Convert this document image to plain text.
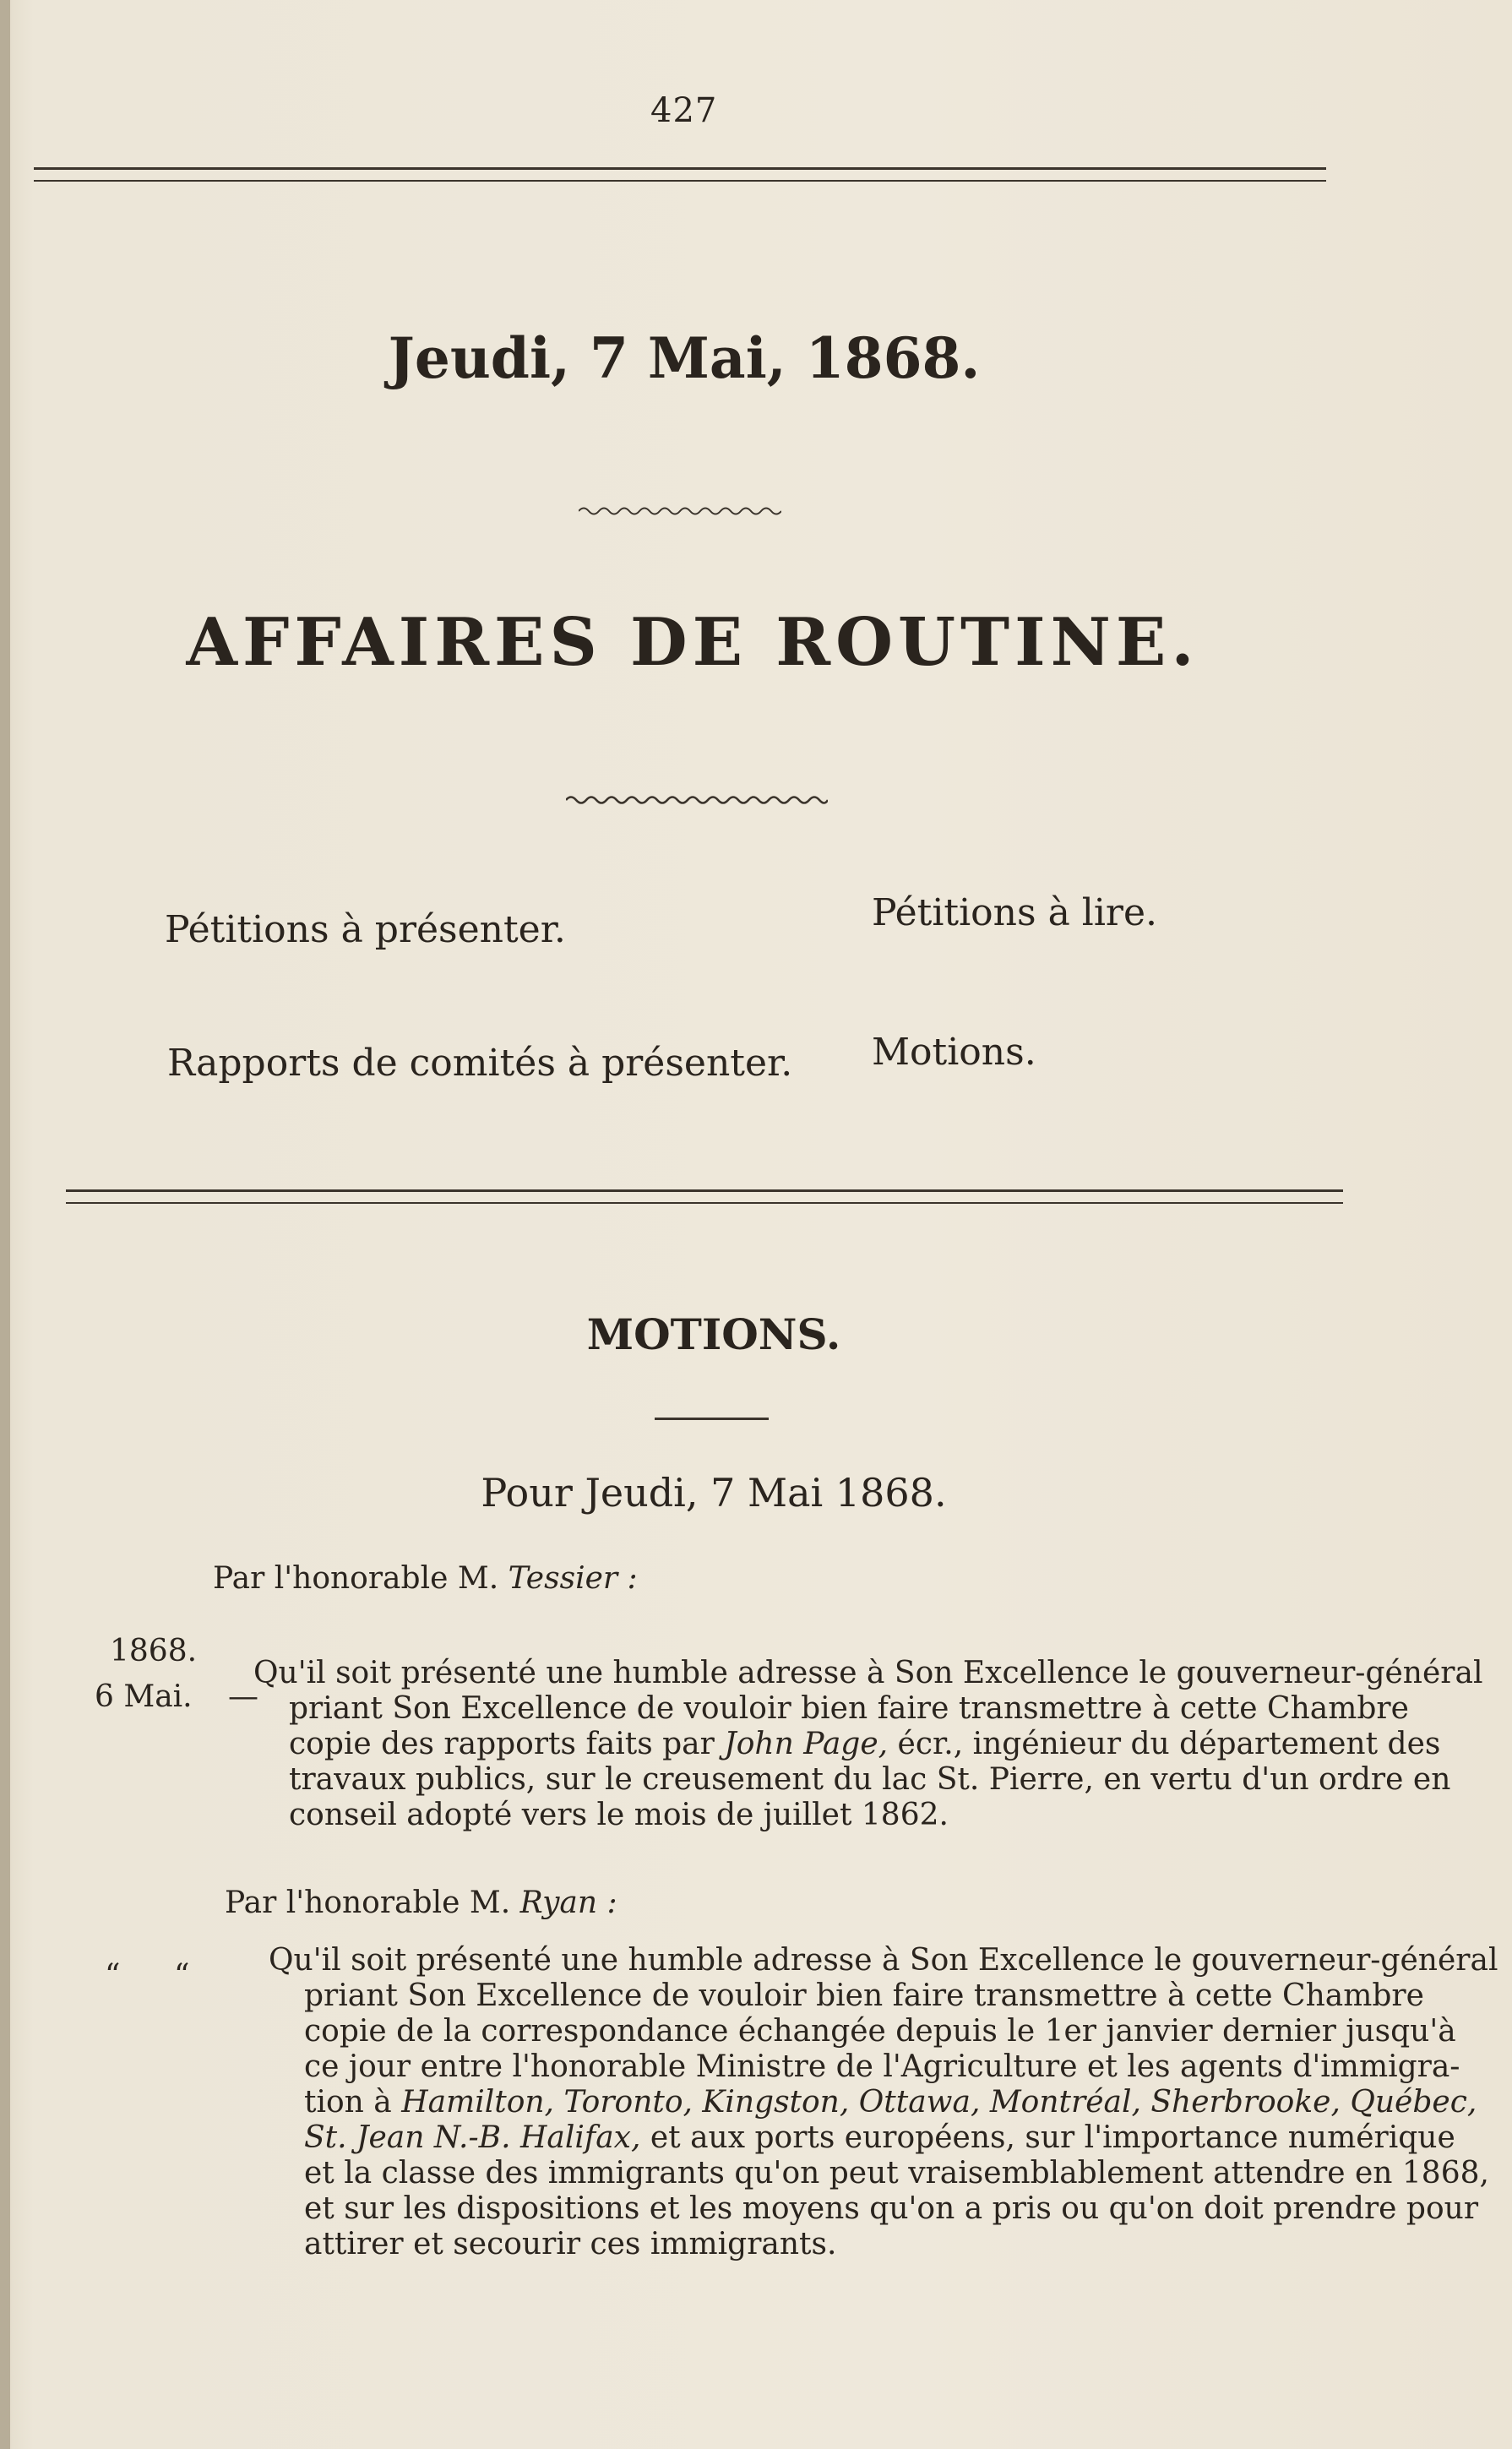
427
Jeudi, 7 Mai, 1868.
AFFAIRES DE ROUTINE.
Pétitions à présenter.	Pétitions à lire.
Rapports de comités à présenter. Motions.
MOTIONS.
Pour Jeudi, 7 Mai 1868.
Par l'honorable M. Tessier :
1868.
6 Mai. —
Qu'il soit présenté une humble adresse à Son Excellence le gouverneur-général
priant Son Excellence de vouloir bien faire transmettre à cette Chambre
copie des rapports faits par John Page, écr., ingénieur du département des
travaux publics, sur le creusement du lac St. Pierre, en vertu d'un ordre en
conseil adopté vers le mois de juillet 1862.
Par l'honorable M. Ryan :
“ “	Qu'il soit présenté une humble adresse à Son Excellence le gouverneur-général
priant Son Excellence de vouloir bien faire transmettre à cette Chambre
copie de la correspondance échangée depuis le 1er janvier dernier jusqu'à
ce jour entre l'honorable Ministre de l'Agriculture et les agents d'immigra-
tion à Hamilton, Toronto, Kingston, Ottawa, Montréal, Sherbrooke, Québec,
St. Jean N.-B. Halifax, et aux ports européens, sur l'importance numérique
et la classe des immigrants qu'on peut vraisemblablement attendre en 1868,
et sur les dispositions et les moyens qu'on a pris ou qu'on doit prendre pour
attirer et secourir ces immigrants.
